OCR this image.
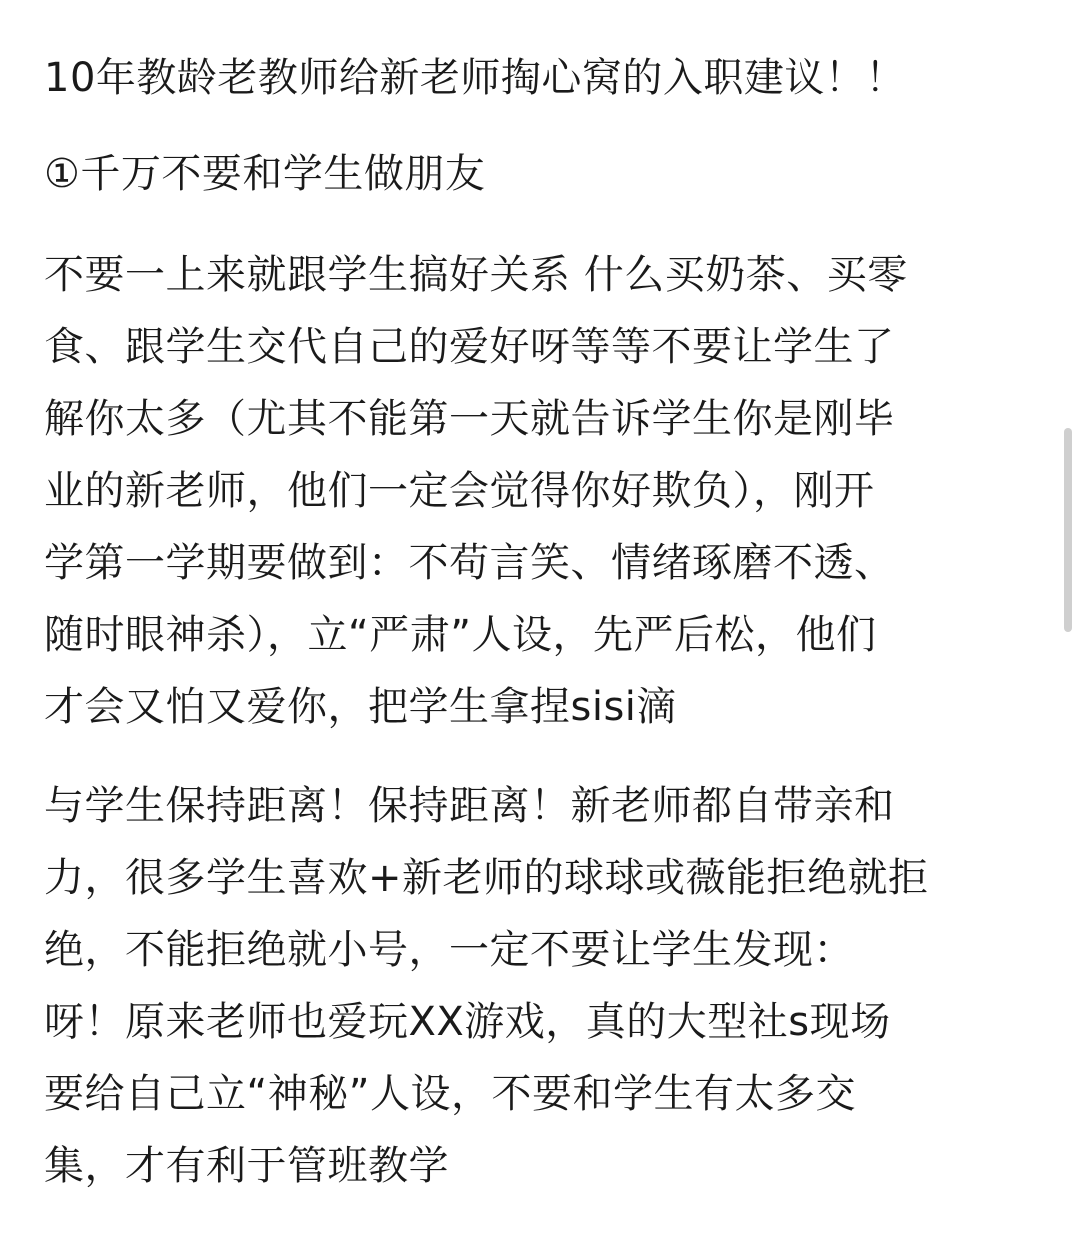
10年教龄老教师给新老师掏心窝的入职建议！！
①千万不要和学生做朋友
不要一上来就跟学生搞好关系 什么买奶茶、买零
食、跟学生交代自己的爱好呀等等不要让学生了
解你太多（尤其不能第一天就告诉学生你是刚毕
业的新老师，他们一定会觉得你好欺负），刚开
学第一学期要做到：不苟言笑、情绪琢磨不透、
随时眼神杀），立“严肃”人设，先严后松，他们
才会又怕又爱你，把学生拿捏sisi滴
与学生保持距离！保持距离！新老师都自带亲和
力，很多学生喜欢+新老师的球球或薇能拒绝就拒
绝，不能拒绝就小号，一定不要让学生发现：
呀！原来老师也爱玩XX游戏，真的大型社s现场
要给自己立“神秘”人设，不要和学生有太多交
集，才有利于管班教学
